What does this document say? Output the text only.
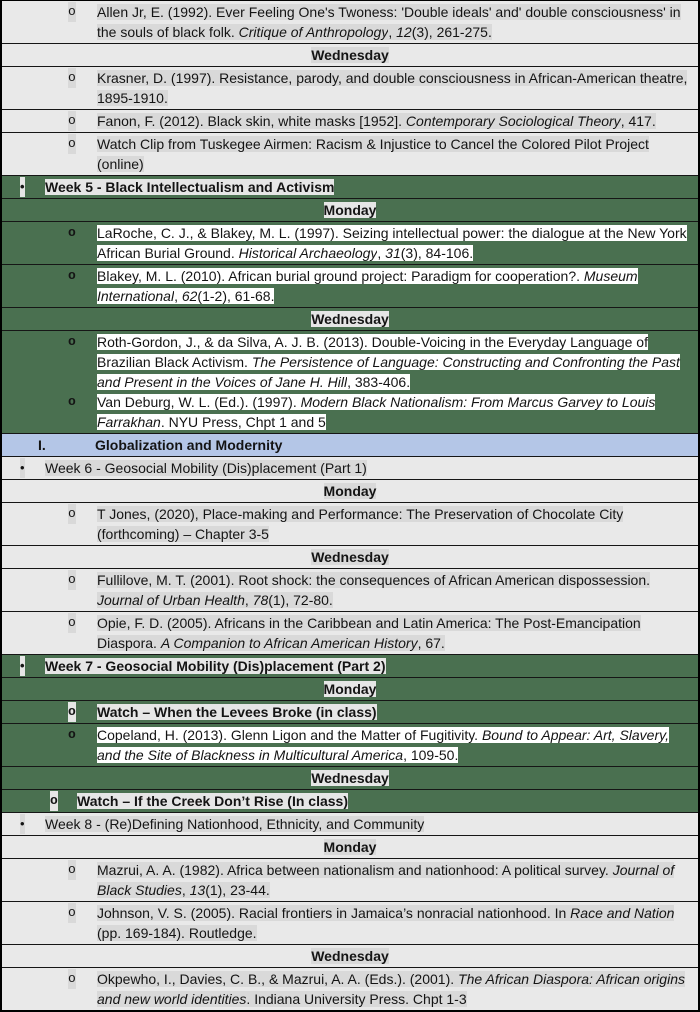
o Allen Jr, E. (1992). Ever Feeling One's Twoness: 'Double ideals' and' double consciousness' in the souls of black folk. Critique of Anthropology, 12(3), 261-275.
Wednesday
o Krasner, D. (1997). Resistance, parody, and double consciousness in African-American theatre, 1895-1910.
o Fanon, F. (2012). Black skin, white masks [1952]. Contemporary Sociological Theory, 417.
o Watch Clip from Tuskegee Airmen: Racism & Injustice to Cancel the Colored Pilot Project (online)
• Week 5 - Black Intellectualism and Activism
Monday
o LaRoche, C. J., & Blakey, M. L. (1997). Seizing intellectual power: the dialogue at the New York African Burial Ground. Historical Archaeology, 31(3), 84-106.
o Blakey, M. L. (2010). African burial ground project: Paradigm for cooperation?. Museum International, 62(1-2), 61-68.
Wednesday
o Roth-Gordon, J., & da Silva, A. J. B. (2013). Double-Voicing in the Everyday Language of Brazilian Black Activism. The Persistence of Language: Constructing and Confronting the Past and Present in the Voices of Jane H. Hill, 383-406.
o Van Deburg, W. L. (Ed.). (1997). Modern Black Nationalism: From Marcus Garvey to Louis Farrakhan. NYU Press, Chpt 1 and 5
I.	Globalization and Modernity
• Week 6 - Geosocial Mobility (Dis)placement (Part 1)
Monday
o T Jones, (2020), Place-making and Performance: The Preservation of Chocolate City (forthcoming) – Chapter 3-5
Wednesday
o Fullilove, M. T. (2001). Root shock: the consequences of African American dispossession. Journal of Urban Health, 78(1), 72-80.
o Opie, F. D. (2005). Africans in the Caribbean and Latin America: The Post-Emancipation Diaspora. A Companion to African American History, 67.
• Week 7 - Geosocial Mobility (Dis)placement (Part 2)
Monday
o Watch – When the Levees Broke (in class)
o Copeland, H. (2013). Glenn Ligon and the Matter of Fugitivity. Bound to Appear: Art, Slavery, and the Site of Blackness in Multicultural America, 109-50.
Wednesday
o Watch – If the Creek Don’t Rise (In class)
• Week 8 - (Re)Defining Nationhood, Ethnicity, and Community
Monday
o Mazrui, A. A. (1982). Africa between nationalism and nationhood: A political survey. Journal of Black Studies, 13(1), 23-44.
o Johnson, V. S. (2005). Racial frontiers in Jamaica’s nonracial nationhood. In Race and Nation (pp. 169-184). Routledge.
Wednesday
o Okpewho, I., Davies, C. B., & Mazrui, A. A. (Eds.). (2001). The African Diaspora: African origins and new world identities. Indiana University Press. Chpt 1-3
